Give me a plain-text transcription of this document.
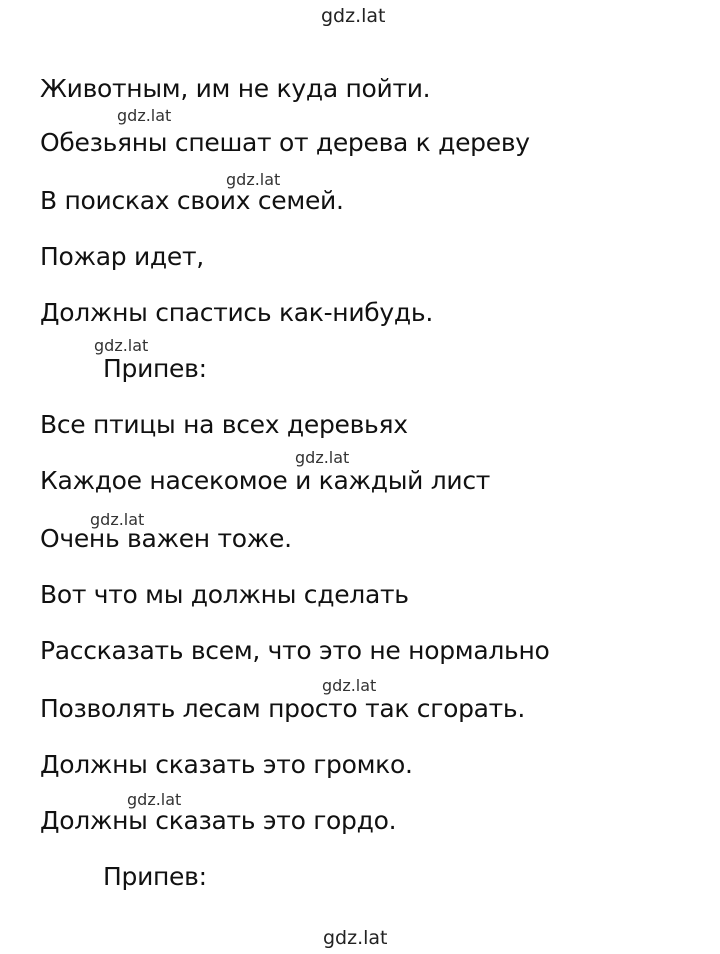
gdz.lat
gdz.lat
gdz.lat
gdz.lat
gdz.lat
gdz.lat
gdz.lat
gdz.lat
gdz.lat
Животным, им не куда пойти.
Обезьяны спешат от дерева к дереву
В поисках своих семей.
Пожар идет,
Должны спастись как-нибудь.
Припев:
Все птицы на всех деревьях
Каждое насекомое и каждый лист
Очень важен тоже.
Вот что мы должны сделать
Рассказать всем, что это не нормально
Позволять лесам просто так сгорать.
Должны сказать это громко.
Должны сказать это гордо.
Припев:
